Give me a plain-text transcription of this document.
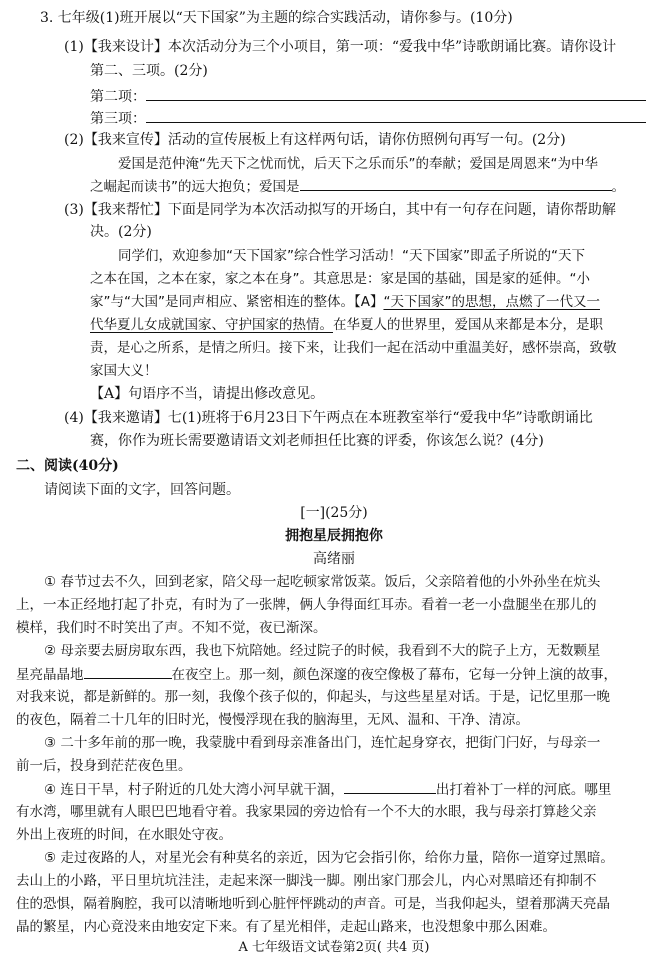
3. 七年级(1)班开展以“天下国家”为主题的综合实践活动，请你参与。(10分)
(1)【我来设计】本次活动分为三个小项目，第一项：“爱我中华”诗歌朗诵比赛。请你设计
第二、三项。(2分)
第二项：
第三项：
(2)【我来宣传】活动的宣传展板上有这样两句话，请你仿照例句再写一句。(2分)
爱国是范仲淹“先天下之忧而忧，后天下之乐而乐”的奉献；爱国是周恩来“为中华
之崛起而读书”的远大抱负；爱国是	。
(3)【我来帮忙】下面是同学为本次活动拟写的开场白，其中有一句存在问题，请你帮助解
决。(2分)
同学们，欢迎参加“天下国家”综合性学习活动！“天下国家”即孟子所说的“天下
之本在国，之本在家，家之本在身”。其意思是：家是国的基础，国是家的延伸。“小
家”与“大国”是同声相应、紧密相连的整体。【A】“天下国家”的思想，点燃了一代又一
代华夏儿女成就国家、守护国家的热情。在华夏人的世界里，爱国从来都是本分，是职
责，是心之所系，是情之所归。接下来，让我们一起在活动中重温美好，感怀崇高，致敬
家国大义！
【A】句语序不当，请提出修改意见。
(4)【我来邀请】七(1)班将于6月23日下午两点在本班教室举行“爱我中华”诗歌朗诵比
赛，你作为班长需要邀请语文刘老师担任比赛的评委，你该怎么说？(4分)
二、阅读(40分)
请阅读下面的文字，回答问题。
[一](25分)
拥抱星辰拥抱你
高绪丽
① 春节过去不久，回到老家，陪父母一起吃顿家常饭菜。饭后，父亲陪着他的小外孙坐在炕头
上，一本正经地打起了扑克，有时为了一张牌，俩人争得面红耳赤。看着一老一小盘腿坐在那儿的
模样，我们时不时笑出了声。不知不觉，夜已渐深。
② 母亲要去厨房取东西，我也下炕陪她。经过院子的时候，我看到不大的院子上方，无数颗星
星亮晶晶地	在夜空上。那一刻，颜色深邃的夜空像极了幕布，它每一分钟上演的故事，
对我来说，都是新鲜的。那一刻，我像个孩子似的，仰起头，与这些星星对话。于是，记忆里那一晚
的夜色，隔着二十几年的旧时光，慢慢浮现在我的脑海里，无风、温和、干净、清凉。
③ 二十多年前的那一晚，我蒙胧中看到母亲准备出门，连忙起身穿衣，把街门闩好，与母亲一
前一后，投身到茫茫夜色里。
④ 连日干旱，村子附近的几处大湾小河早就干涸，	出打着补丁一样的河底。哪里
有水湾，哪里就有人眼巴巴地看守着。我家果园的旁边恰有一个不大的水眼，我与母亲打算趁父亲
外出上夜班的时间，在水眼处守夜。
⑤ 走过夜路的人，对星光会有种莫名的亲近，因为它会指引你，给你力量，陪你一道穿过黑暗。
去山上的小路，平日里坑坑洼洼，走起来深一脚浅一脚。刚出家门那会儿，内心对黑暗还有抑制不
住的恐惧，隔着胸腔，我可以清晰地听到心脏怦怦跳动的声音。可是，当我仰起头，望着那满天亮晶
晶的繁星，内心竟没来由地安定下来。有了星光相伴，走起山路来，也没想象中那么困难。
A 七年级语文试卷第2页( 共4 页)
